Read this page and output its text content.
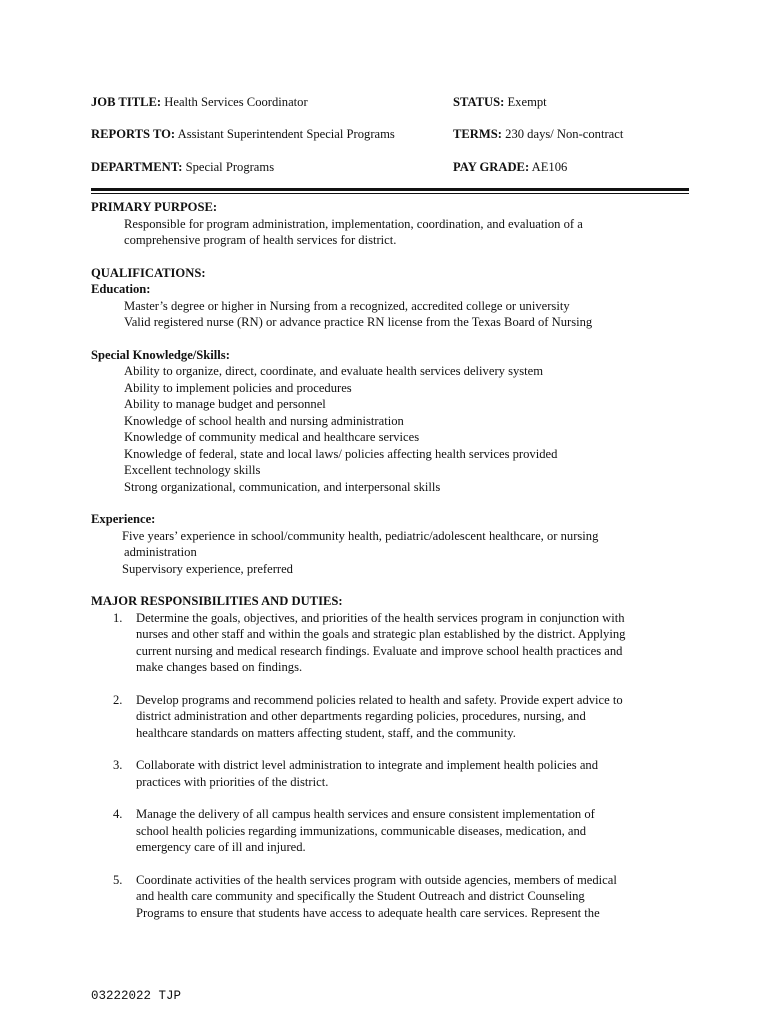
JOB TITLE: Health Services Coordinator	STATUS: Exempt
REPORTS TO: Assistant Superintendent Special Programs	TERMS: 230 days/ Non-contract
DEPARTMENT: Special Programs	PAY GRADE: AE106
PRIMARY PURPOSE:
Responsible for program administration, implementation, coordination, and evaluation of a
comprehensive program of health services for district.
QUALIFICATIONS:
Education:
Master’s degree or higher in Nursing from a recognized, accredited college or university
Valid registered nurse (RN) or advance practice RN license from the Texas Board of Nursing
Special Knowledge/Skills:
Ability to organize, direct, coordinate, and evaluate health services delivery system
Ability to implement policies and procedures
Ability to manage budget and personnel
Knowledge of school health and nursing administration
Knowledge of community medical and healthcare services
Knowledge of federal, state and local laws/ policies affecting health services provided
Excellent technology skills
Strong organizational, communication, and interpersonal skills
Experience:
Five years’ experience in school/community health, pediatric/adolescent healthcare, or nursing
administration
Supervisory experience, preferred
MAJOR RESPONSIBILITIES AND DUTIES:
1. Determine the goals, objectives, and priorities of the health services program in conjunction with
nurses and other staff and within the goals and strategic plan established by the district. Applying
current nursing and medical research findings. Evaluate and improve school health practices and
make changes based on findings.
2. Develop programs and recommend policies related to health and safety. Provide expert advice to
district administration and other departments regarding policies, procedures, nursing, and
healthcare standards on matters affecting student, staff, and the community.
3. Collaborate with district level administration to integrate and implement health policies and
practices with priorities of the district.
4. Manage the delivery of all campus health services and ensure consistent implementation of
school health policies regarding immunizations, communicable diseases, medication, and
emergency care of ill and injured.
5. Coordinate activities of the health services program with outside agencies, members of medical
and health care community and specifically the Student Outreach and district Counseling
Programs to ensure that students have access to adequate health care services. Represent the
03222022 TJP
